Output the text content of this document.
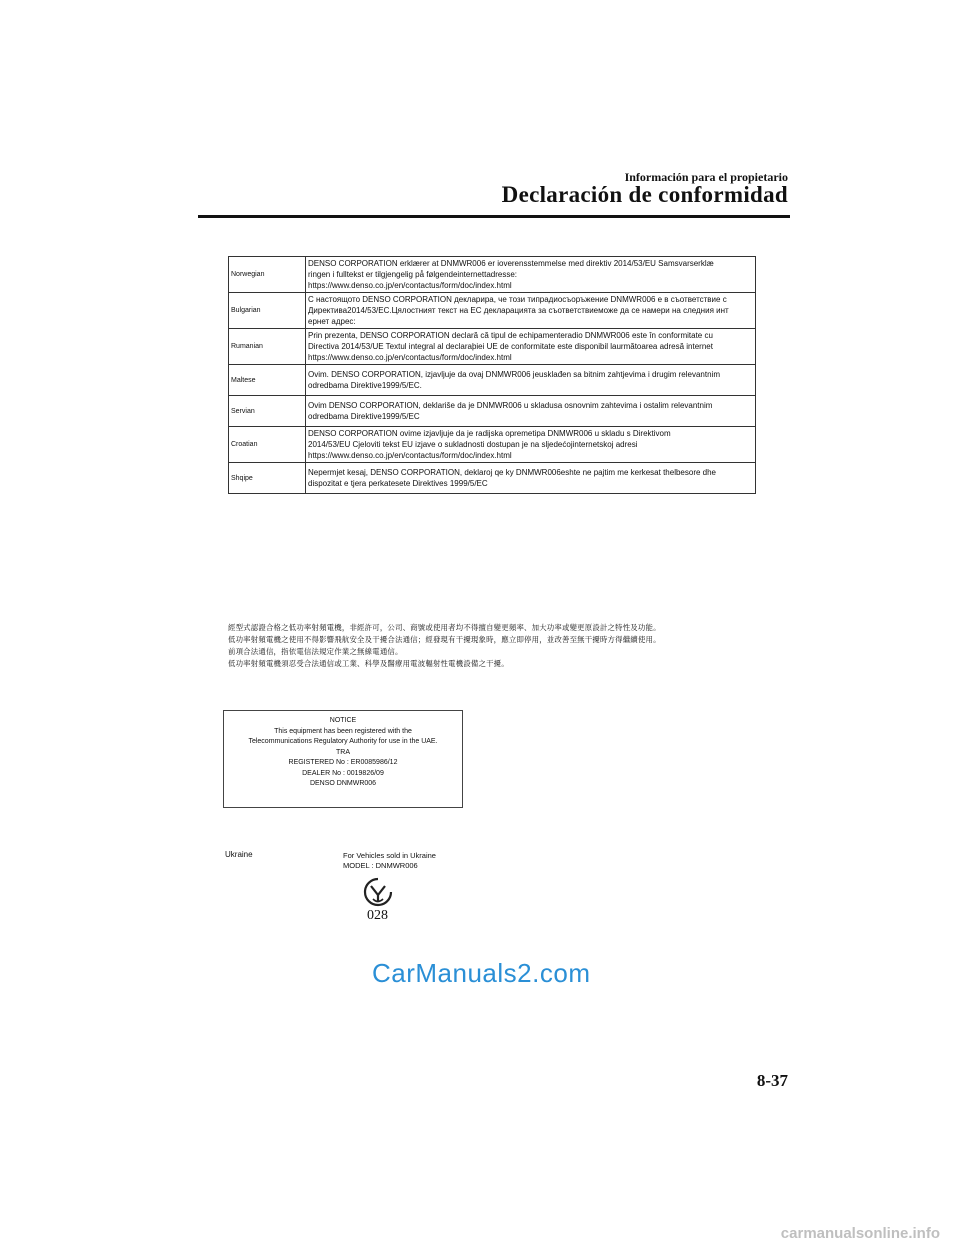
Información para el propietario
Declaración de conformidad
Norwegian	DENSO CORPORATION erklærer at DNMWR006 er ioverensstemmelse med direktiv 2014/53/EU Samsvarserklæ
ringen i fulltekst er tilgjengelig på følgendeinternettadresse:
https://www.denso.co.jp/en/contactus/form/doc/index.html

Bulgarian	С настоящото DENSO CORPORATION декларира, че този типрадиосъоръжение DNMWR006 е в съответствие с
Директива2014/53/ЕС.Цялостният текст на ЕС декларацията за съответствиеможе да се намери на следния инт
ернет адрес:

Rumanian	Prin prezenta, DENSO CORPORATION declară că tipul de echipamenteradio DNMWR006 este în conformitate cu
Directiva 2014/53/UE Textul integral al declaraþiei UE de conformitate este disponibil laurmătoarea adresă internet
https://www.denso.co.jp/en/contactus/form/doc/index.html

Maltese	Ovim. DENSO CORPORATION, izjavljuje da ovaj DNMWR006 jeusklađen sa bitnim zahtjevima i drugim relevantnim
odredbama Direktive1999/5/EC.

Servian	Ovim DENSO CORPORATION, deklariše da je DNMWR006 u skladusa osnovnim zahtevima i ostalim relevantnim
odredbama Direktive1999/5/EC

Croatian	DENSO CORPORATION ovime izjavljuje da je radijska opremetipa DNMWR006 u skladu s Direktivom
2014/53/EU Cjeloviti tekst EU izjave o sukladnosti dostupan je na sljedećojinternetskoj adresi
https://www.denso.co.jp/en/contactus/form/doc/index.html

Shqipe	Nepermjet kesaj, DENSO CORPORATION, deklaroj qe ky DNMWR006eshte ne pajtim me kerkesat thelbesore dhe
dispozitat e tjera perkatesete Direktives 1999/5/EC
經型式認證合格之低功率射頻電機，非經許可，公司、商號或使用者均不得擅自變更頻率、加大功率或變更原設計之特性及功能。
低功率射頻電機之使用不得影響飛航安全及干擾合法通信；經發現有干擾現象時，應立即停用，並改善至無干擾時方得繼續使用。
前項合法通信，指依電信法規定作業之無線電通信。
低功率射頻電機須忍受合法通信或工業、科學及醫療用電波輻射性電機設備之干擾。
NOTICE
This equipment has been registered with the
Telecommunications Regulatory Authority for use in the UAE.
TRA
REGISTERED No : ER0085986/12
DEALER No : 0019826/09
DENSO DNMWR006
Ukraine	For Vehicles sold in Ukraine
MODEL : DNMWR006
028
CarManuals2.com
8-37
carmanualsonline.info
